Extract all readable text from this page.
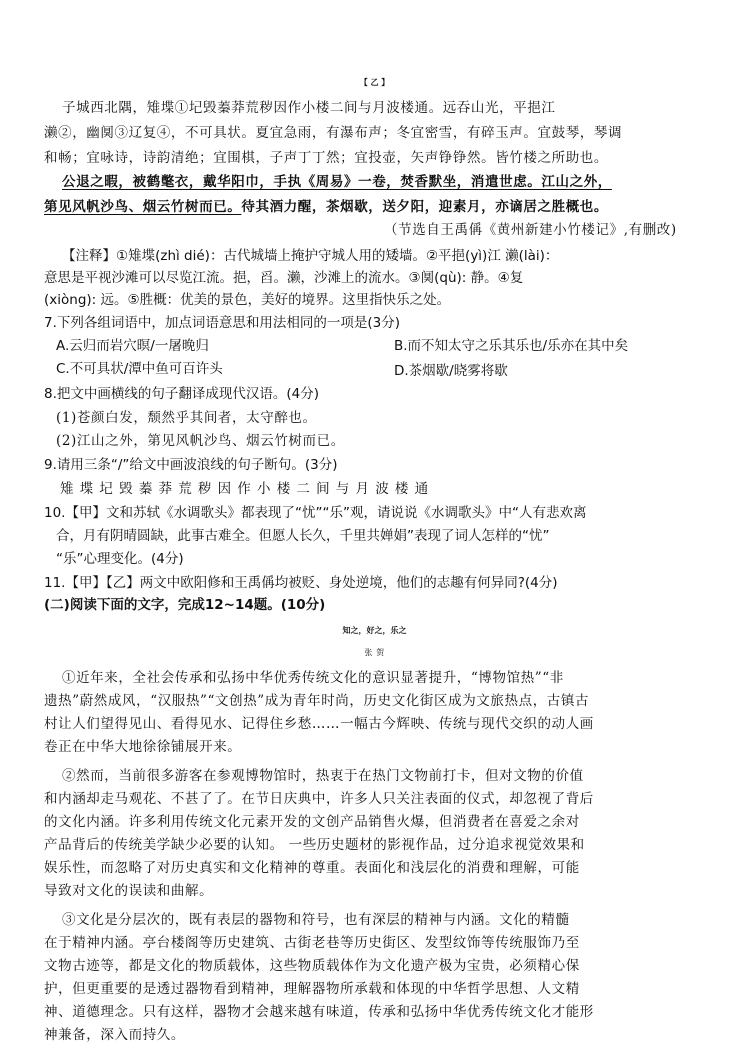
【 乙 】
子城西北隅，雉堞①圮毁蓁莽荒秽因作小楼二间与月波楼通。远吞山光，平挹江
濑②，幽阒③辽复④，不可具状。夏宜急雨，有瀑布声；冬宜密雪，有碎玉声。宜鼓琴，琴调
和畅；宜咏诗，诗韵清绝；宜围棋，子声丁丁然；宜投壶，矢声铮铮然。皆竹楼之所助也。
公退之暇，被鹤氅衣，戴华阳巾，手执《周易》一卷，焚香默坐，消遣世虑。江山之外，
第见风帆沙鸟、烟云竹树而已。待其酒力醒，茶烟歇，送夕阳，迎素月，亦谪居之胜概也。
（节选自王禹偁《黄州新建小竹楼记》,有删改)
【注释】①雉堞(zhì dié)：古代城墙上掩护守城人用的矮墙。②平挹(yì)江 濑(lài)：
意思是平视沙滩可以尽览江流。挹，舀。濑，沙滩上的流水。③阒(qù): 静。④复
(xiòng): 远。⑤胜概：优美的景色，美好的境界。这里指快乐之处。
7.下列各组词语中，加点词语意思和用法相同的一项是(3分)
A.云归而岩穴暝/一屠晚归	B.而不知太守之乐其乐也/乐亦在其中矣
C.不可具状/潭中鱼可百许头	D.茶烟歇/晓雾将歇
8.把文中画横线的句子翻译成现代汉语。(4分)
(1)苍颜白发，颓然乎其间者，太守醉也。
(2)江山之外，第见风帆沙鸟、烟云竹树而已。
9.请用三条“/”给文中画波浪线的句子断句。(3分)
雉堞圮毁蓁莽荒秽因作小楼二间与月波楼通
10.【甲】文和苏轼《水调歌头》都表现了“忧”“乐”观，请说说《水调歌头》中“人有悲欢离
合，月有阴晴圆缺，此事古难全。但愿人长久，千里共婵娟”表现了词人怎样的“忧”
“乐”心理变化。(4分)
11.【甲】【乙】两文中欧阳修和王禹偁均被贬、身处逆境，他们的志趣有何异同?(4分)
(二)阅读下面的文字，完成12~14题。(10分)
知之，好之，乐之
张 贺
①近年来，全社会传承和弘扬中华优秀传统文化的意识显著提升，“博物馆热”“非
遗热”蔚然成风，“汉服热”“文创热”成为青年时尚，历史文化街区成为文旅热点，古镇古
村让人们望得见山、看得见水、记得住乡愁……一幅古今辉映、传统与现代交织的动人画
卷正在中华大地徐徐铺展开来。
②然而，当前很多游客在参观博物馆时，热衷于在热门文物前打卡，但对文物的价值
和内涵却走马观花、不甚了了。在节日庆典中，许多人只关注表面的仪式，却忽视了背后
的文化内涵。许多利用传统文化元素开发的文创产品销售火爆，但消费者在喜爱之余对
产品背后的传统美学缺少必要的认知。 一些历史题材的影视作品，过分追求视觉效果和
娱乐性，而忽略了对历史真实和文化精神的尊重。表面化和浅层化的消费和理解，可能
导致对文化的误读和曲解。
③文化是分层次的，既有表层的器物和符号，也有深层的精神与内涵。文化的精髓
在于精神内涵。亭台楼阁等历史建筑、古街老巷等历史街区、发型纹饰等传统服饰乃至
文物古迹等，都是文化的物质载体，这些物质载体作为文化遗产极为宝贵，必须精心保
护，但更重要的是透过器物看到精神，理解器物所承载和体现的中华哲学思想、人文精
神、道德理念。只有这样，器物才会越来越有味道，传承和弘扬中华优秀传统文化才能形
神兼备，深入而持久。
